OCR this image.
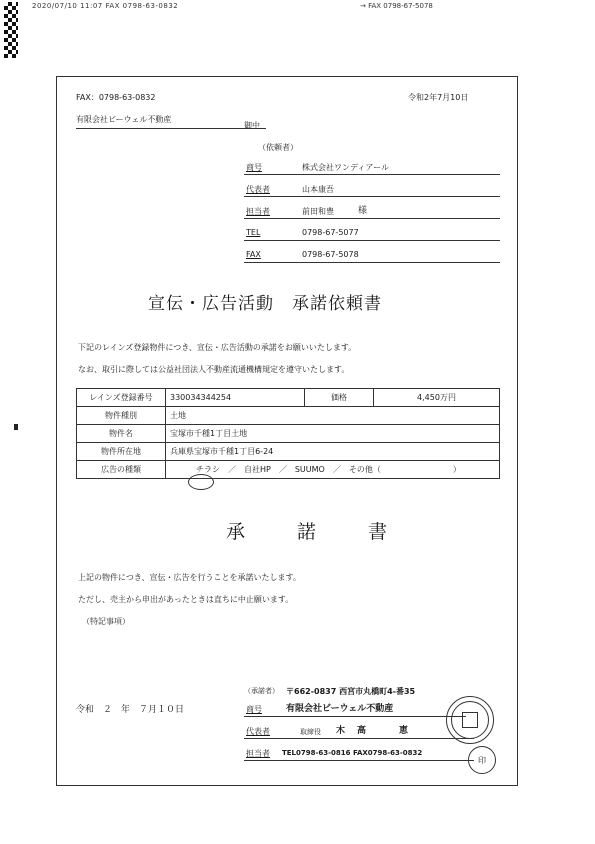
2020/07/10 11:07 FAX 0798-63-0832	→ FAX 0798-67-5078
FAX：0798-63-0832	令和2年7月10日
有限会社ビーウェル不動産
御中
（依頼者）
商号	株式会社ワンディアール
代表者	山本康吾
担当者	前田和豊	様
TEL	0798-67-5077
FAX	0798-67-5078
宣伝・広告活動　承諾依頼書
下記のレインズ登録物件につき、宣伝・広告活動の承諾をお願いいたします。
なお、取引に際しては公益社団法人不動産流通機構規定を遵守いたします。
レインズ登録番号	330034344254	価格	4,450万円
物件種別	土地		
物件名	宝塚市千種1丁目土地		
物件所在地	兵庫県宝塚市千種1丁目6-24		
広告の種類	チラシ　／　自社HP　／　SUUMO　／　その他（　　　　　　　　　）		
承諾書
上記の物件につき、宣伝・広告を行うことを承諾いたします。
ただし、売主から申出があったときは直ちに中止願います。
（特記事項）
（承諾者） 〒662-0837 西宮市丸橋町4-番35
令和　２　年　７月１０日	商号	有限会社ビーウェル不動産
代表者	取締役 木高　恵
担当者 TEL0798-63-0816 FAX0798-63-0832
印
